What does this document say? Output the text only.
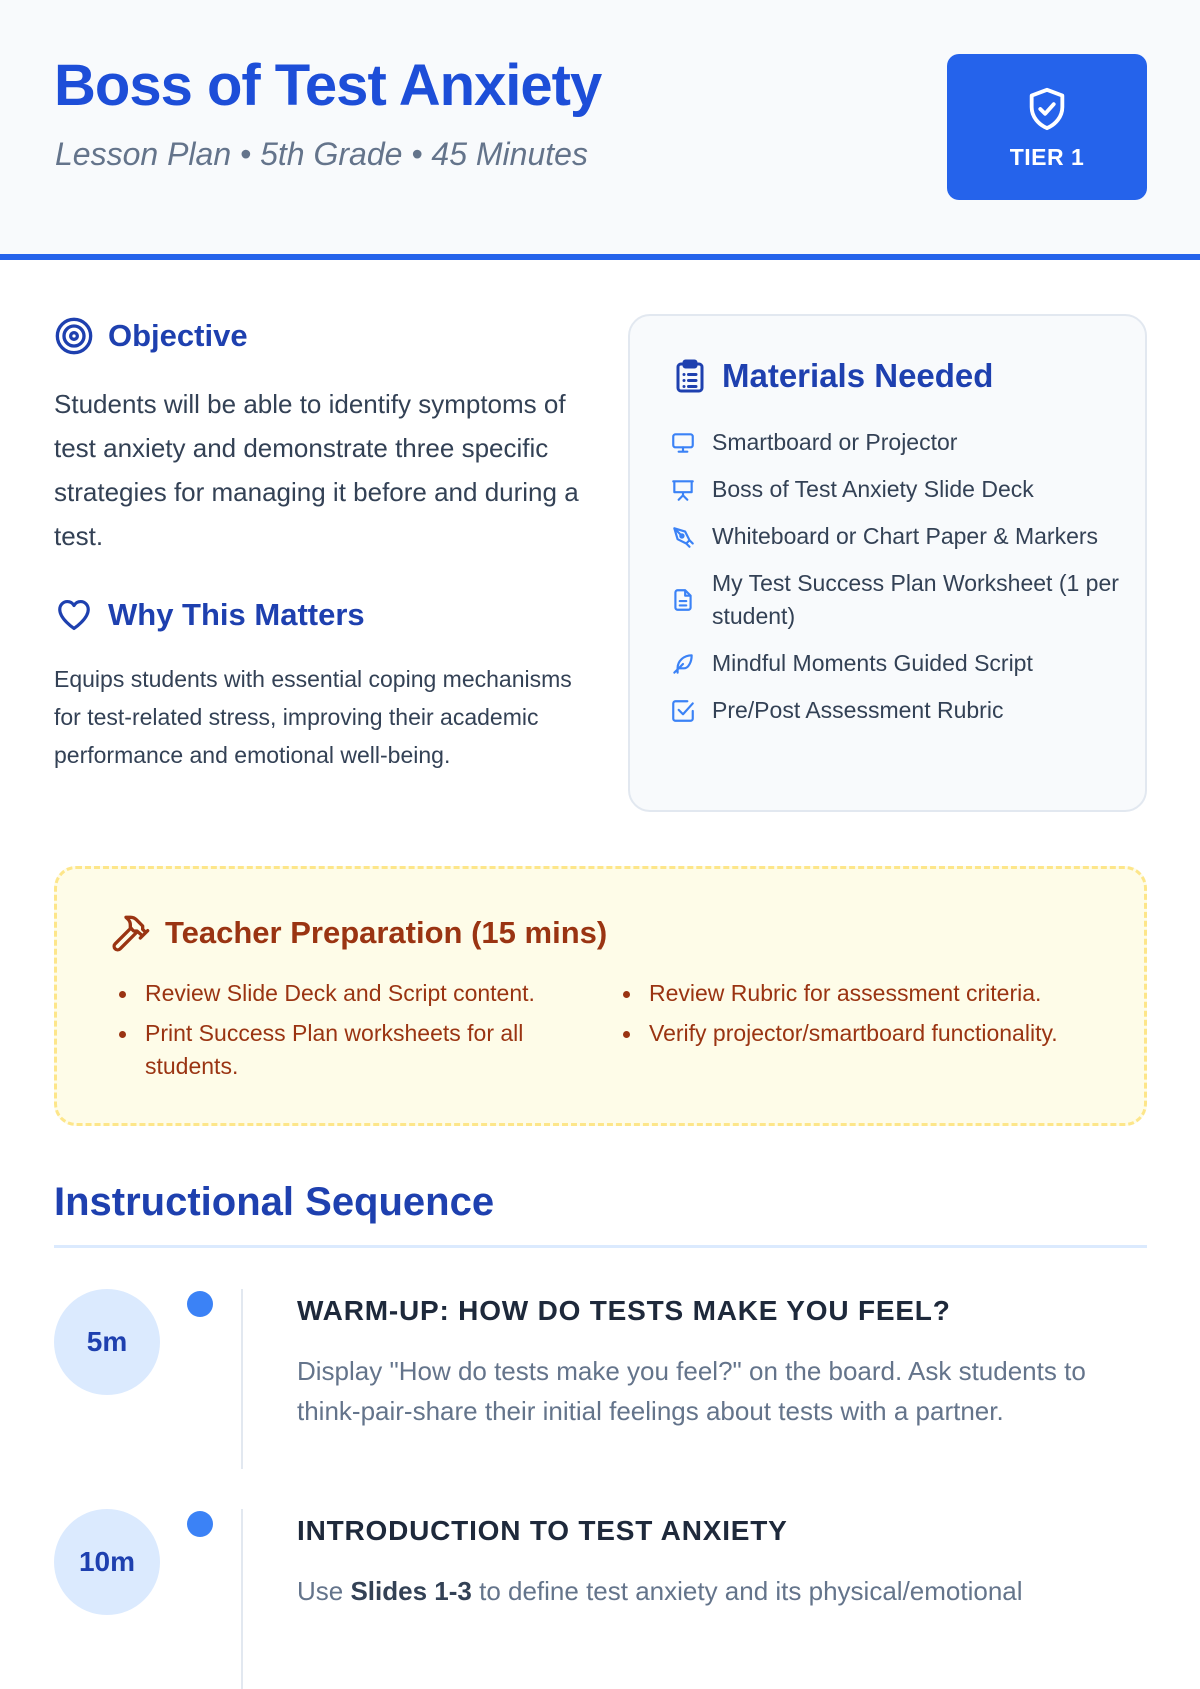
Boss of Test Anxiety
Lesson Plan • 5th Grade • 45 Minutes	TIER 1
Objective
Students will be able to identify symptoms of test anxiety and demonstrate three specific strategies for managing it before and during a test.
Why This Matters
Equips students with essential coping mechanisms for test-related stress, improving their academic performance and emotional well-being.
Materials Needed
Smartboard or Projector
Boss of Test Anxiety Slide Deck
Whiteboard or Chart Paper & Markers
My Test Success Plan Worksheet (1 per student)
Mindful Moments Guided Script
Pre/Post Assessment Rubric
Teacher Preparation (15 mins)
Review Slide Deck and Script content.
Print Success Plan worksheets for all students.
Review Rubric for assessment criteria.
Verify projector/smartboard functionality.
Instructional Sequence
5m
WARM-UP: HOW DO TESTS MAKE YOU FEEL?
Display "How do tests make you feel?" on the board. Ask students to think-pair-share their initial feelings about tests with a partner.
10m
INTRODUCTION TO TEST ANXIETY
Use Slides 1-3 to define test anxiety and its physical/emotional
